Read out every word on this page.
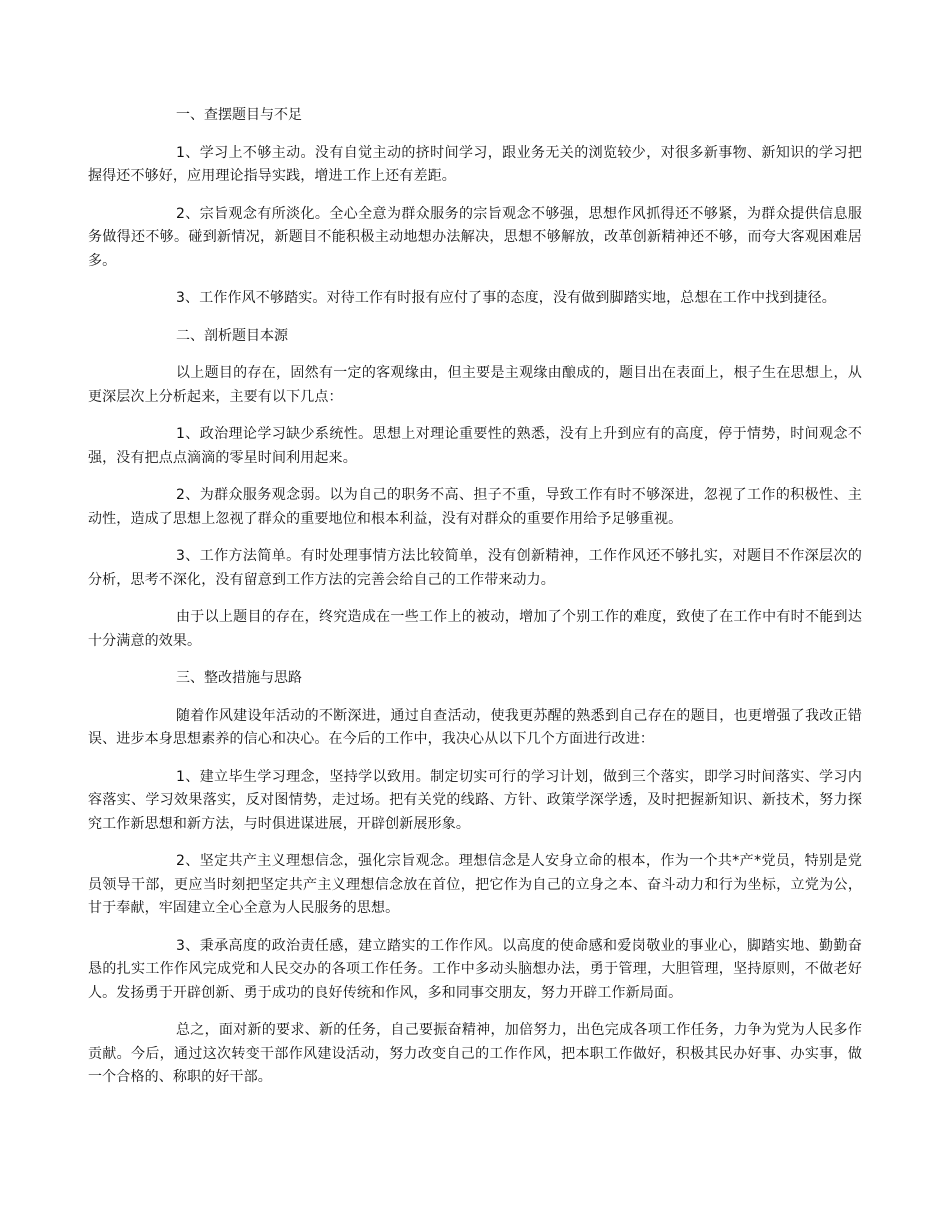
一、查摆题目与不足

1、学习上不够主动。没有自觉主动的挤时间学习，跟业务无关的浏览较少，对很多新事物、新知识的学习把握得还不够好，应用理论指导实践，增进工作上还有差距。

2、宗旨观念有所淡化。全心全意为群众服务的宗旨观念不够强，思想作风抓得还不够紧，为群众提供信息服务做得还不够。碰到新情况，新题目不能积极主动地想办法解决，思想不够解放，改革创新精神还不够，而夸大客观困难居多。

3、工作作风不够踏实。对待工作有时报有应付了事的态度，没有做到脚踏实地，总想在工作中找到捷径。

二、剖析题目本源

以上题目的存在，固然有一定的客观缘由，但主要是主观缘由酿成的，题目出在表面上，根子生在思想上，从更深层次上分析起来，主要有以下几点：

1、政治理论学习缺少系统性。思想上对理论重要性的熟悉，没有上升到应有的高度，停于情势，时间观念不强，没有把点点滴滴的零星时间利用起来。

2、为群众服务观念弱。以为自己的职务不高、担子不重，导致工作有时不够深进，忽视了工作的积极性、主动性，造成了思想上忽视了群众的重要地位和根本利益，没有对群众的重要作用给予足够重视。

3、工作方法简单。有时处理事情方法比较简单，没有创新精神，工作作风还不够扎实，对题目不作深层次的分析，思考不深化，没有留意到工作方法的完善会给自己的工作带来动力。

由于以上题目的存在，终究造成在一些工作上的被动，增加了个别工作的难度，致使了在工作中有时不能到达十分满意的效果。

三、整改措施与思路

随着作风建设年活动的不断深进，通过自查活动，使我更苏醒的熟悉到自己存在的题目，也更增强了我改正错误、进步本身思想素养的信心和决心。在今后的工作中，我决心从以下几个方面进行改进：

1、建立毕生学习理念，坚持学以致用。制定切实可行的学习计划，做到三个落实，即学习时间落实、学习内容落实、学习效果落实，反对图情势，走过场。把有关党的线路、方针、政策学深学透，及时把握新知识、新技术，努力探究工作新思想和新方法，与时俱进谋进展，开辟创新展形象。

2、坚定共产主义理想信念，强化宗旨观念。理想信念是人安身立命的根本，作为一个共*产*党员，特别是党员领导干部，更应当时刻把坚定共产主义理想信念放在首位，把它作为自己的立身之本、奋斗动力和行为坐标，立党为公，甘于奉献，牢固建立全心全意为人民服务的思想。

3、秉承高度的政治责任感，建立踏实的工作作风。以高度的使命感和爱岗敬业的事业心，脚踏实地、勤勤奋恳的扎实工作作风完成党和人民交办的各项工作任务。工作中多动头脑想办法，勇于管理，大胆管理，坚持原则，不做老好人。发扬勇于开辟创新、勇于成功的良好传统和作风，多和同事交朋友，努力开辟工作新局面。

总之，面对新的要求、新的任务，自己要振奋精神，加倍努力，出色完成各项工作任务，力争为党为人民多作贡献。今后，通过这次转变干部作风建设活动，努力改变自己的工作作风，把本职工作做好，积极其民办好事、办实事，做一个合格的、称职的好干部。
